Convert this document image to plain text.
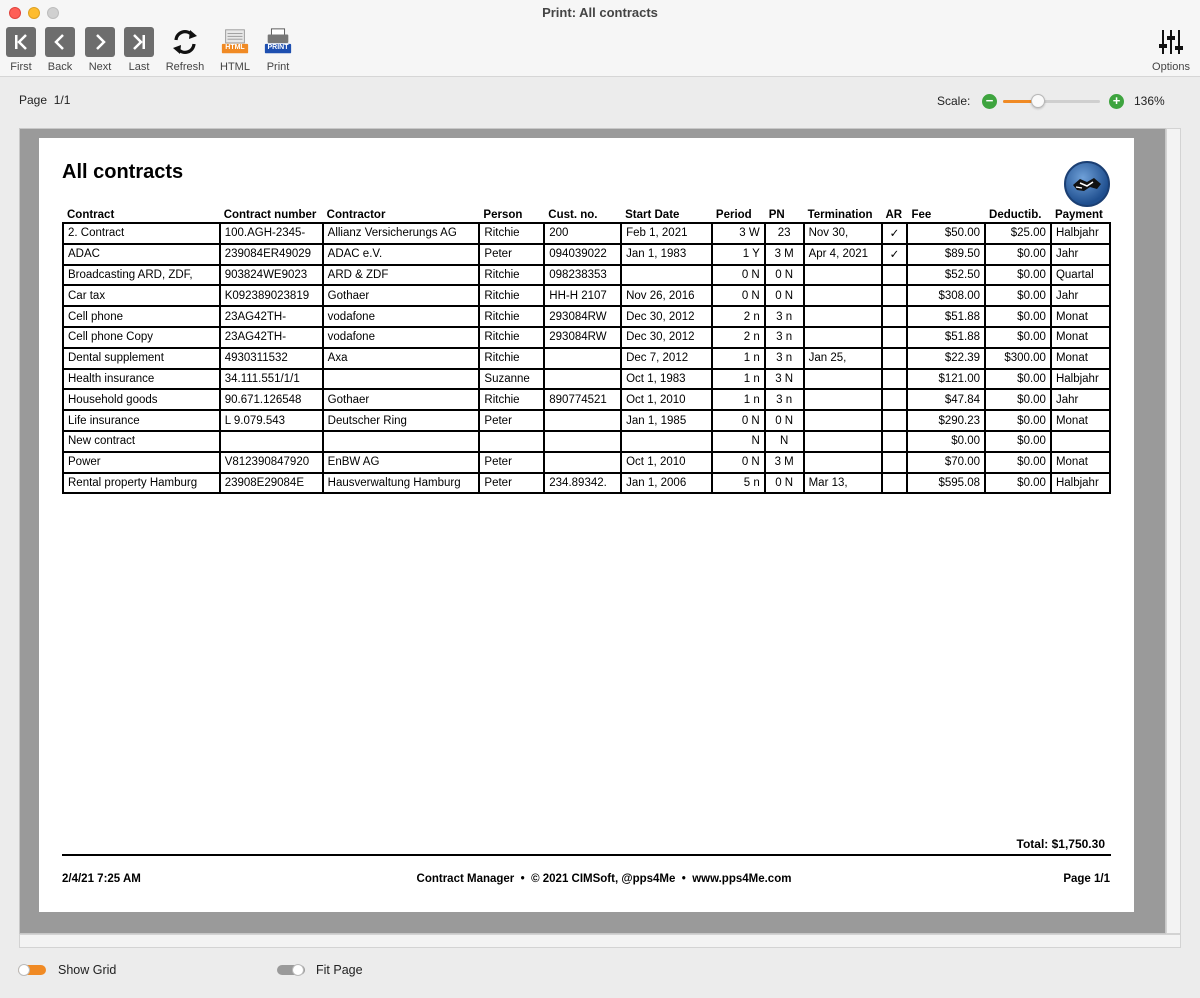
Print: All contracts
First	Back	Next	Last	Refresh
HTML
HTML
PRINT
Print	Options
Page  1/1	Scale: −	+	136%
All contracts
Contract	Contract number	Contractor	Person	Cust. no.	Start Date	Period	PN	Termination	AR	Fee	Deductib.	Payment
2. Contract	100.AGH-2345-	Allianz Versicherungs AG	Ritchie	200	Feb 1, 2021	3 W	23	Nov 30,	✓	$50.00	$25.00	Halbjahr
ADAC	239084ER49029	ADAC e.V.	Peter	094039022	Jan 1, 1983	1 Y	3 M	Apr 4, 2021	✓	$89.50	$0.00	Jahr
Broadcasting ARD, ZDF,	903824WE9023	ARD & ZDF	Ritchie	098238353		0 N	0 N			$52.50	$0.00	Quartal
Car tax	K092389023819	Gothaer	Ritchie	HH-H 2107	Nov 26, 2016	0 N	0 N			$308.00	$0.00	Jahr
Cell phone	23AG42TH-	vodafone	Ritchie	293084RW	Dec 30, 2012	2 n	3 n			$51.88	$0.00	Monat
Cell phone Copy	23AG42TH-	vodafone	Ritchie	293084RW	Dec 30, 2012	2 n	3 n			$51.88	$0.00	Monat
Dental supplement	4930311532	Axa	Ritchie		Dec 7, 2012	1 n	3 n	Jan 25,		$22.39	$300.00	Monat
Health insurance	34.111.551/1/1		Suzanne		Oct 1, 1983	1 n	3 N			$121.00	$0.00	Halbjahr
Household goods	90.671.126548	Gothaer	Ritchie	890774521	Oct 1, 2010	1 n	3 n			$47.84	$0.00	Jahr
Life insurance	L 9.079.543	Deutscher Ring	Peter		Jan 1, 1985	0 N	0 N			$290.23	$0.00	Monat
New contract						N	N			$0.00	$0.00	
Power	V812390847920	EnBW AG	Peter		Oct 1, 2010	0 N	3 M			$70.00	$0.00	Monat
Rental property Hamburg	23908E29084E	Hausverwaltung Hamburg	Peter	234.89342.	Jan 1, 2006	5 n	0 N	Mar 13,		$595.08	$0.00	Halbjahr
Total: $1,750.30
2/4/21 7:25 AM	Contract Manager  •  © 2021 CIMSoft, @pps4Me  •  www.pps4Me.com	Page 1/1
Show Grid	Fit Page
